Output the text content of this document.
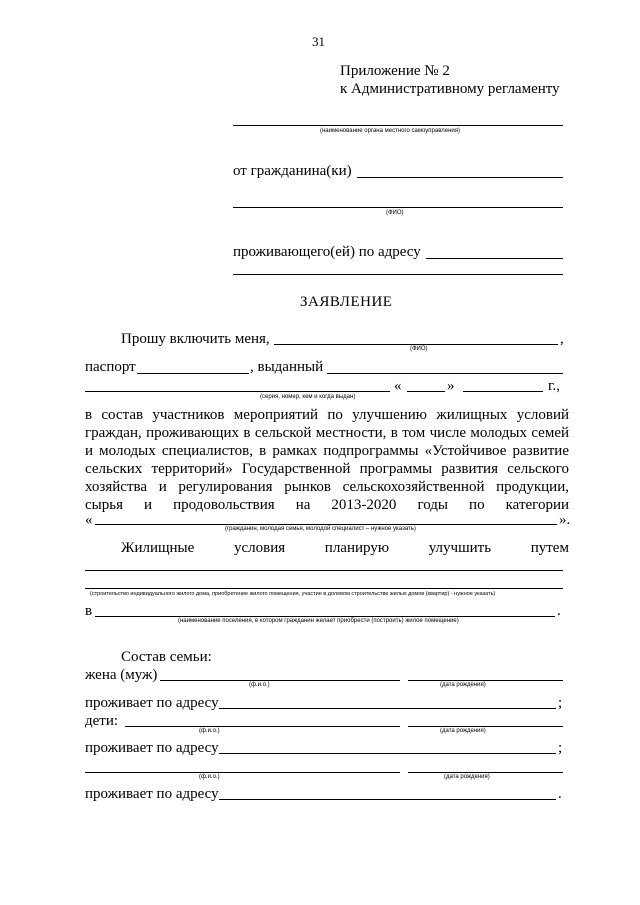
31
Приложение № 2
к Административному регламенту
(наименование органа местного самоуправления)
от гражданина(ки)
(ФИО)
проживающего(ей) по адресу
ЗАЯВЛЕНИЕ
Прошу включить меня,	,
(ФИО)
паспорт	, выданный
«	»	г.,
(серия, номер, кем и когда выдан)
в состав участников мероприятий по улучшению жилищных условий
граждан, проживающих в сельской местности, в том числе молодых семей
и молодых специалистов, в рамках подпрограммы «Устойчивое развитие
сельских территорий» Государственной программы развития сельского
хозяйства и регулирования рынков сельскохозяйственной продукции,
сырья и продовольствия на 2013-2020 годы по категории
«	».
(гражданин, молодая семья, молодой специалист – нужное указать)
Жилищные	условия	планирую	улучшить	путем
(строительство индивидуального жилого дома, приобретение жилого помещения, участие в долевом строительстве жилых домов (квартир) - нужное указать)
в	.
(наименование поселения, в котором гражданин желает приобрести (построить) жилое помещение)
Состав семьи:
жена (муж)
(ф.и.о.)	(дата рождения)
проживает по адресу	;
дети:
(ф.и.о.)	(дата рождения)
проживает по адресу	;
(ф.и.о.)	(дата рождения)
проживает по адресу	.
